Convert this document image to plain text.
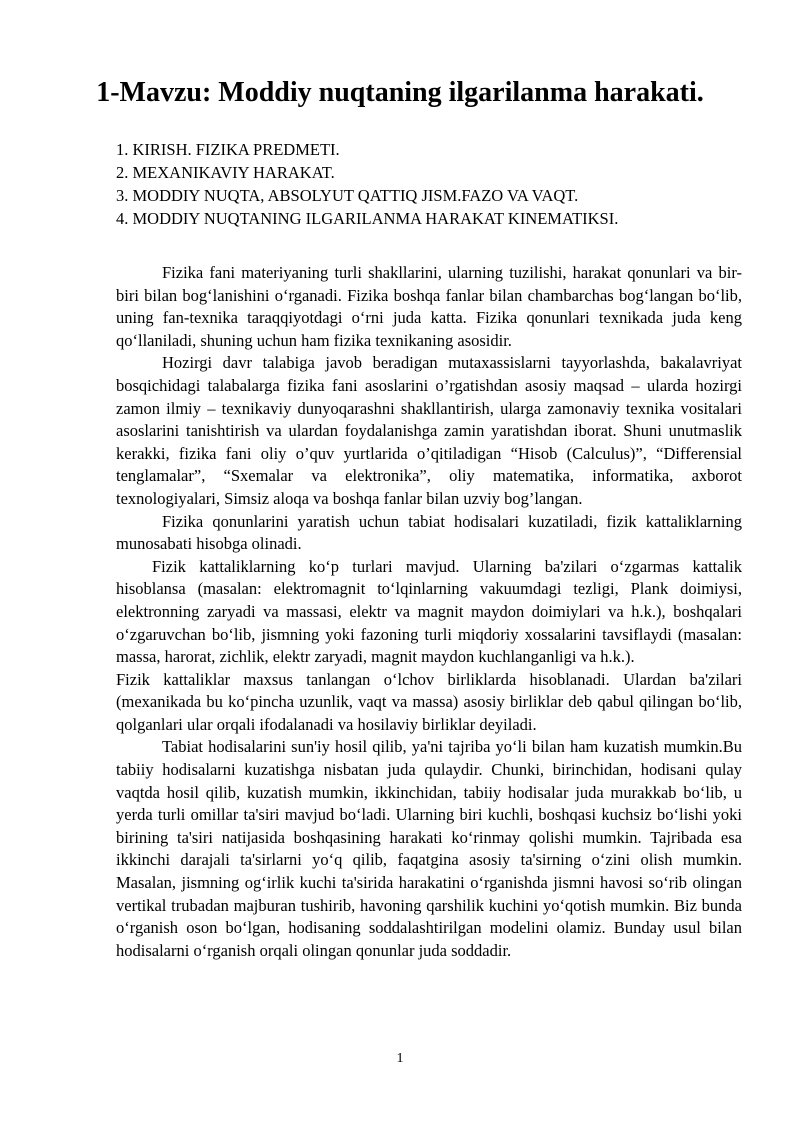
1-Mavzu: Moddiy nuqtaning ilgarilanma harakati.
1. KIRISH. FIZIKA PREDMETI.
2. MEXANIKAVIY HARAKAT.
3. MODDIY NUQTA, ABSOLYUT QATTIQ JISM.FAZO VA VAQT.
4. MODDIY NUQTANING ILGARILANMA HARAKAT KINEMATIKSI.

Fizika fani materiyaning turli shakllarini, ularning tuzilishi, harakat qonunlari va bir-biri bilan bog‘lanishini o‘rganadi. Fizika boshqa fanlar bilan chambarchas bog‘langan bo‘lib, uning fan-texnika taraqqiyotdagi o‘rni juda katta. Fizika qonunlari texnikada juda keng qo‘llaniladi, shuning uchun ham fizika texnikaning asosidir.

Hozirgi davr talabiga javob beradigan mutaxassislarni tayyorlashda, bakalavriyat bosqichidagi talabalarga fizika fani asoslarini o’rgatishdan asosiy maqsad – ularda hozirgi zamon ilmiy – texnikaviy dunyoqarashni shakllantirish, ularga zamonaviy texnika vositalari asoslarini tanishtirish va ulardan foydalanishga zamin yaratishdan iborat. Shuni unutmaslik kerakki, fizika fani oliy o’quv yurtlarida o’qitiladigan “Hisob (Calculus)”, “Differensial tenglamalar”, “Sxemalar va elektronika”, oliy matematika, informatika, axborot texnologiyalari, Simsiz aloqa va boshqa fanlar bilan uzviy bog’langan.

Fizika qonunlarini yaratish uchun tabiat hodisalari kuzatiladi, fizik kattaliklarning munosabati hisobga olinadi.

Fizik kattaliklarning ko‘p turlari mavjud. Ularning ba'zilari o‘zgarmas kattalik hisoblansa (masalan: elektromagnit to‘lqinlarning vakuumdagi tezligi, Plank doimiysi, elektronning zaryadi va massasi, elektr va magnit maydon doimiylari va h.k.), boshqalari o‘zgaruvchan bo‘lib, jismning yoki fazoning turli miqdoriy xossalarini tavsiflaydi (masalan: massa, harorat, zichlik, elektr zaryadi, magnit maydon kuchlanganligi va h.k.).

Fizik kattaliklar maxsus tanlangan o‘lchov birliklarda hisoblanadi. Ulardan ba'zilari (mexanikada bu ko‘pincha uzunlik, vaqt va massa) asosiy birliklar deb qabul qilingan bo‘lib, qolganlari ular orqali ifodalanadi va hosilaviy birliklar deyiladi.

Tabiat hodisalarini sun'iy hosil qilib, ya'ni tajriba yo‘li bilan ham kuzatish mumkin.Bu tabiiy hodisalarni kuzatishga nisbatan juda qulaydir. Chunki, birinchidan, hodisani qulay vaqtda hosil qilib, kuzatish mumkin, ikkinchidan, tabiiy hodisalar juda murakkab bo‘lib, u yerda turli omillar ta'siri mavjud bo‘ladi. Ularning biri kuchli, boshqasi kuchsiz bo‘lishi yoki birining ta'siri natijasida boshqasining harakati ko‘rinmay qolishi mumkin. Tajribada esa ikkinchi darajali ta'sirlarni yo‘q qilib, faqatgina asosiy ta'sirning o‘zini olish mumkin. Masalan, jismning og‘irlik kuchi ta'sirida harakatini o‘rganishda jismni havosi so‘rib olingan vertikal trubadan majburan tushirib, havoning qarshilik kuchini yo‘qotish mumkin. Biz bunda o‘rganish oson bo‘lgan, hodisaning soddalashtirilgan modelini olamiz. Bunday usul bilan hodisalarni o‘rganish orqali olingan qonunlar juda soddadir.

1
